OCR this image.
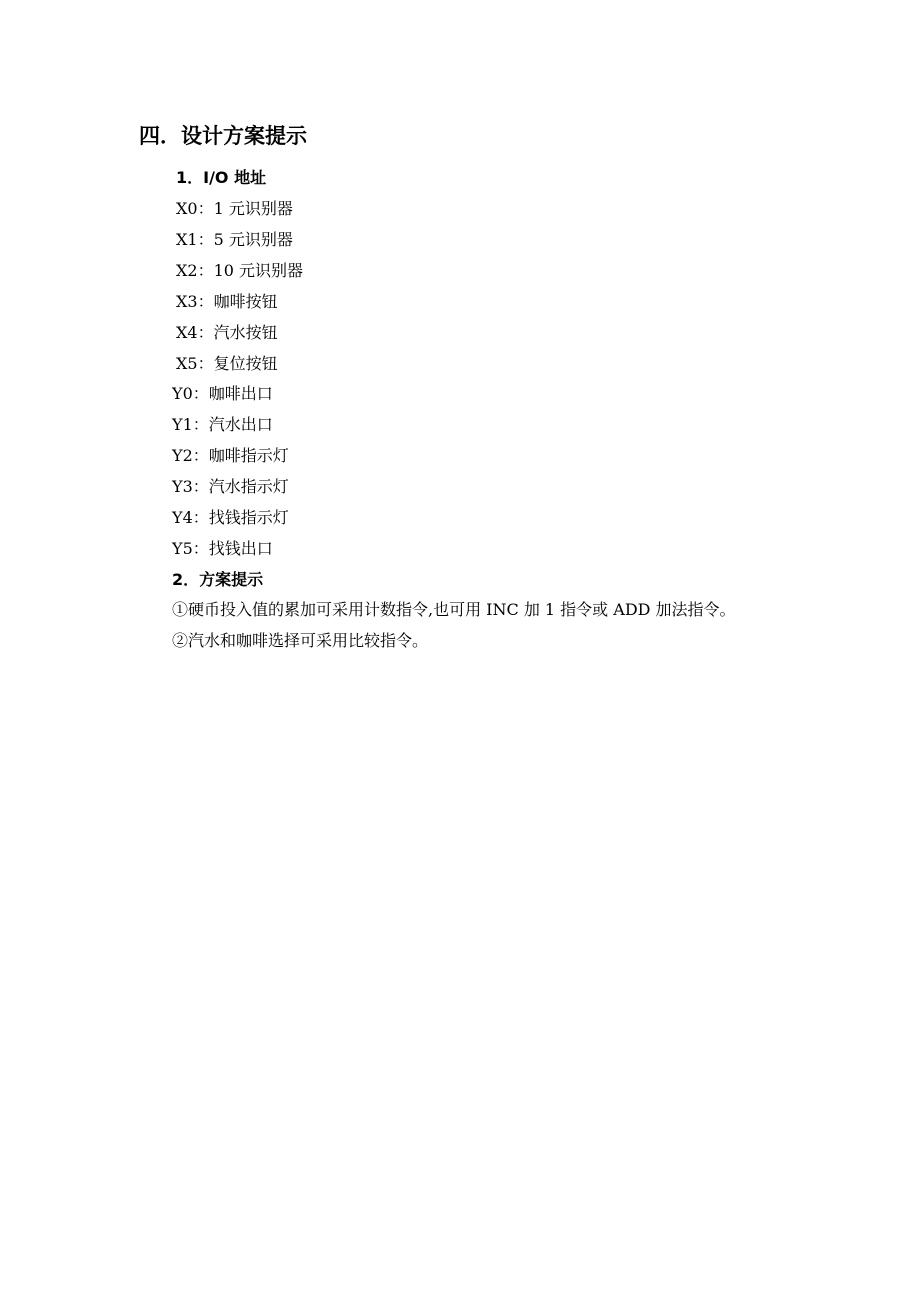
四．设计方案提示
1．I/O 地址

X0：1 元识别器

X1：5 元识别器

X2：10 元识别器

X3：咖啡按钮

X4：汽水按钮

X5：复位按钮

Y0：咖啡出口

Y1：汽水出口

Y2：咖啡指示灯

Y3：汽水指示灯

Y4：找钱指示灯

Y5：找钱出口

2．方案提示

①硬币投入值的累加可采用计数指令,也可用 INC 加 1 指令或 ADD 加法指令。

②汽水和咖啡选择可采用比较指令。
